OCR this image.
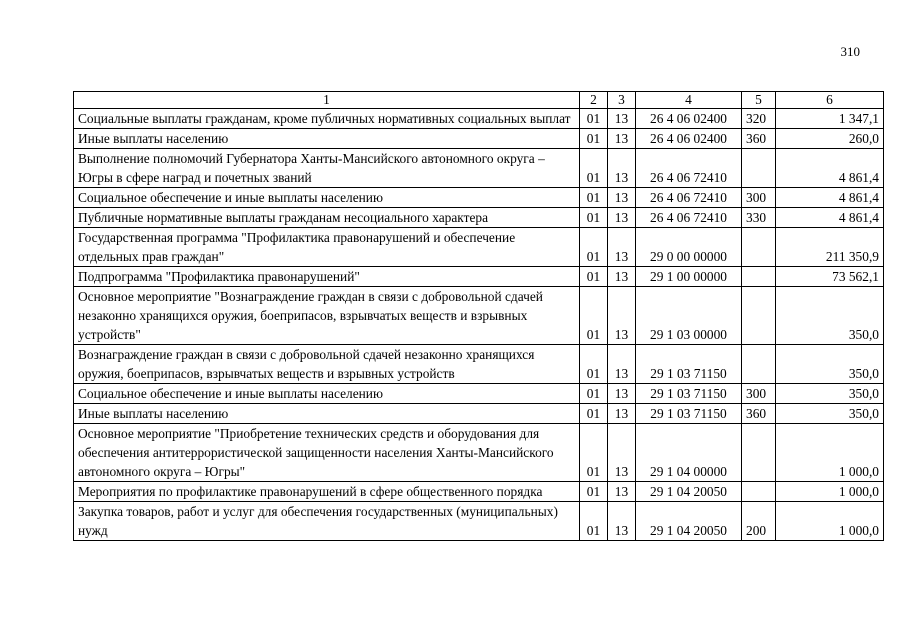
310
1	2	3	4	5	6
Социальные выплаты гражданам, кроме публичных нормативных социальных выплат	01	13	26 4 06 02400	320	1 347,1
Иные выплаты населению	01	13	26 4 06 02400	360	260,0
Выполнение полномочий Губернатора Ханты-Мансийского автономного округа – Югры в сфере наград и почетных званий	01	13	26 4 06 72410		4 861,4
Социальное обеспечение и иные выплаты населению	01	13	26 4 06 72410	300	4 861,4
Публичные нормативные выплаты гражданам несоциального характера	01	13	26 4 06 72410	330	4 861,4
Государственная программа "Профилактика правонарушений и обеспечение отдельных прав граждан"	01	13	29 0 00 00000		211 350,9
Подпрограмма "Профилактика правонарушений"	01	13	29 1 00 00000		73 562,1
Основное мероприятие "Вознаграждение граждан в связи с добровольной сдачей незаконно хранящихся оружия, боеприпасов, взрывчатых веществ и взрывных устройств"	01	13	29 1 03 00000		350,0
Вознаграждение граждан в связи с добровольной сдачей незаконно хранящихся оружия, боеприпасов, взрывчатых веществ и взрывных устройств	01	13	29 1 03 71150		350,0
Социальное обеспечение и иные выплаты населению	01	13	29 1 03 71150	300	350,0
Иные выплаты населению	01	13	29 1 03 71150	360	350,0
Основное мероприятие "Приобретение технических средств и оборудования для обеспечения антитеррористической защищенности населения Ханты-Мансийского автономного округа – Югры"	01	13	29 1 04 00000		1 000,0
Мероприятия по профилактике правонарушений в сфере общественного порядка	01	13	29 1 04 20050		1 000,0
Закупка товаров, работ и услуг для обеспечения государственных (муниципальных) нужд	01	13	29 1 04 20050	200	1 000,0
